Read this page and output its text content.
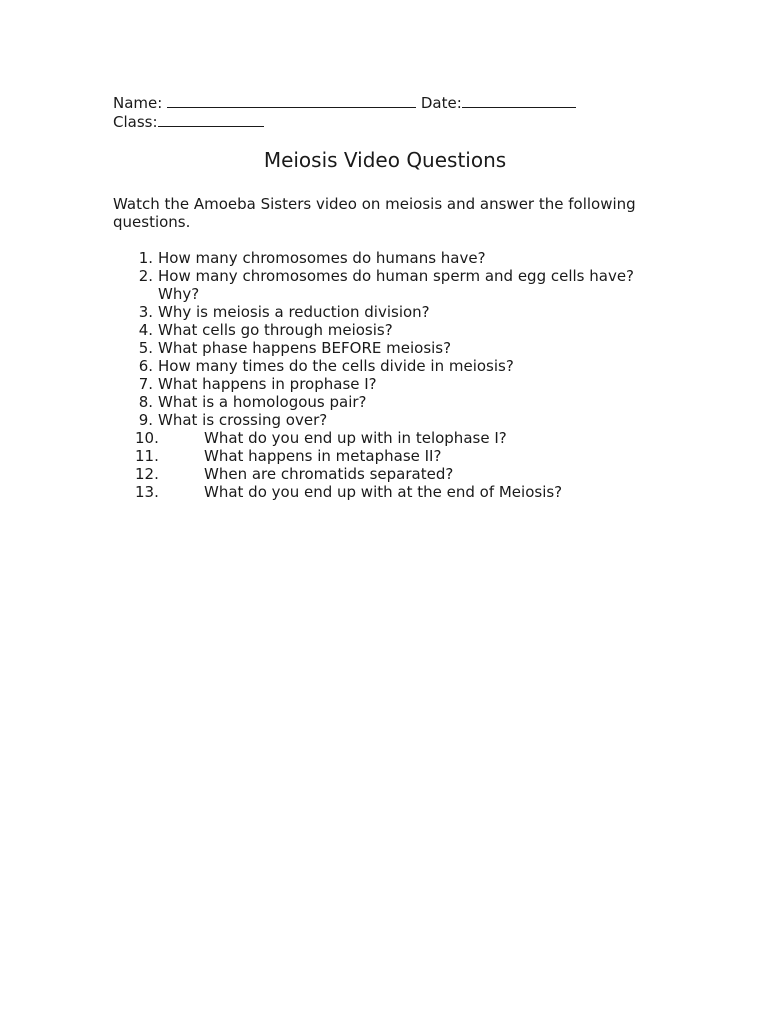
Name:	Date:
Class:
Meiosis Video Questions
Watch the Amoeba Sisters video on meiosis and answer the following questions.
1. How many chromosomes do humans have?
2. How many chromosomes do human sperm and egg cells have? Why?
3. Why is meiosis a reduction division?
4. What cells go through meiosis?
5. What phase happens BEFORE meiosis?
6. How many times do the cells divide in meiosis?
7. What happens in prophase I?
8. What is a homologous pair?
9. What is crossing over?
10.	What do you end up with in telophase I?
11.	What happens in metaphase II?
12.	When are chromatids separated?
13.	What do you end up with at the end of Meiosis?
